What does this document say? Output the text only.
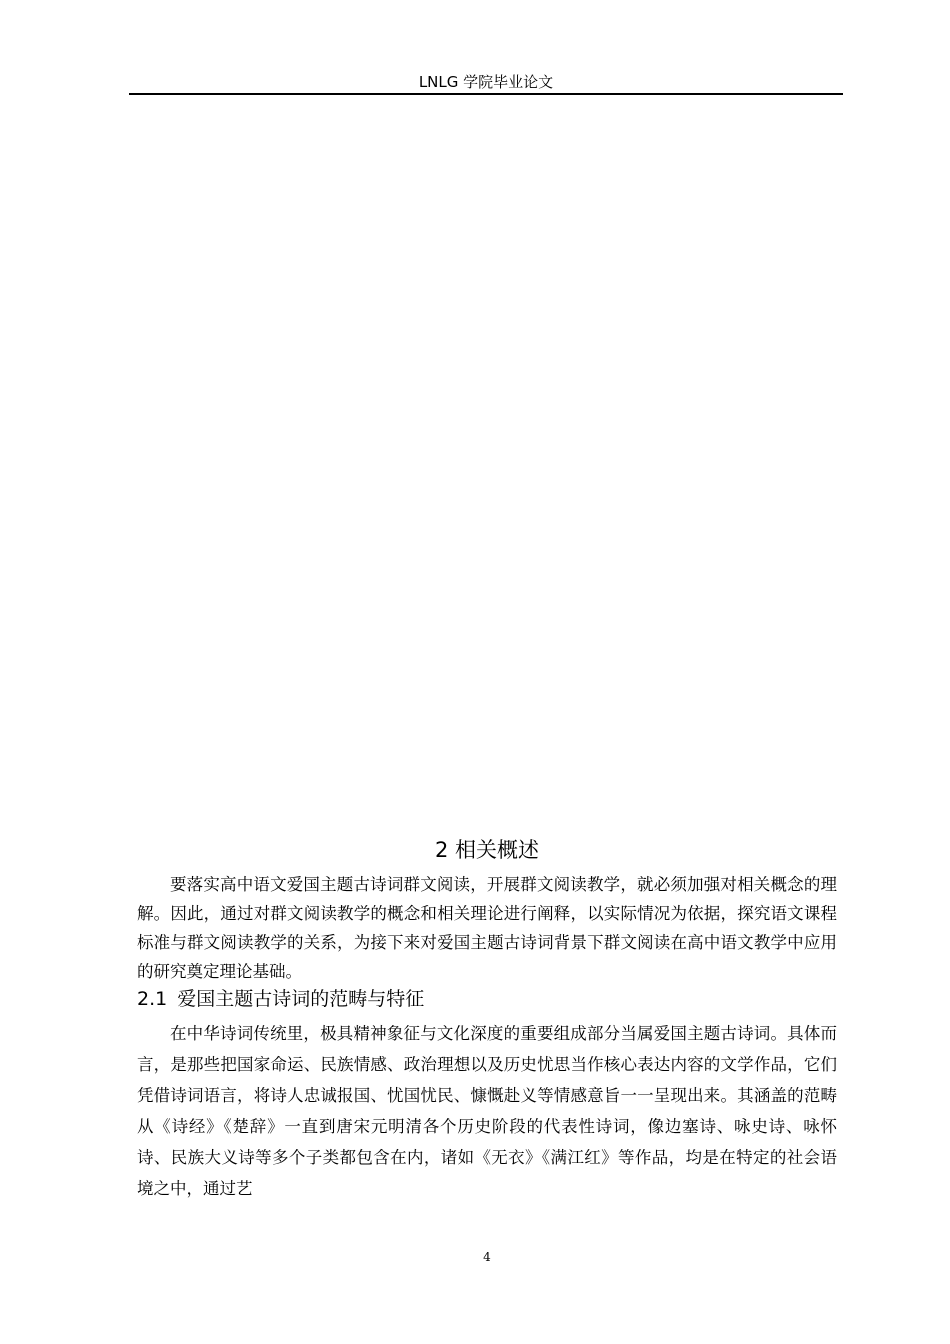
LNLG 学院毕业论文
2 相关概述

要落实高中语文爱国主题古诗词群文阅读，开展群文阅读教学，就必须加强对相关概念的理解。因此，通过对群文阅读教学的概念和相关理论进行阐释，以实际情况为依据，探究语文课程标准与群文阅读教学的关系，为接下来对爱国主题古诗词背景下群文阅读在高中语文教学中应用的研究奠定理论基础。

2.1 爱国主题古诗词的范畴与特征

在中华诗词传统里，极具精神象征与文化深度的重要组成部分当属爱国主题古诗词。具体而言，是那些把国家命运、民族情感、政治理想以及历史忧思当作核心表达内容的文学作品，它们凭借诗词语言，将诗人忠诚报国、忧国忧民、慷慨赴义等情感意旨一一呈现出来。其涵盖的范畴从《诗经》《楚辞》一直到唐宋元明清各个历史阶段的代表性诗词，像边塞诗、咏史诗、咏怀诗、民族大义诗等多个子类都包含在内，诸如《无衣》《满江红》等作品，均是在特定的社会语境之中，通过艺

4
